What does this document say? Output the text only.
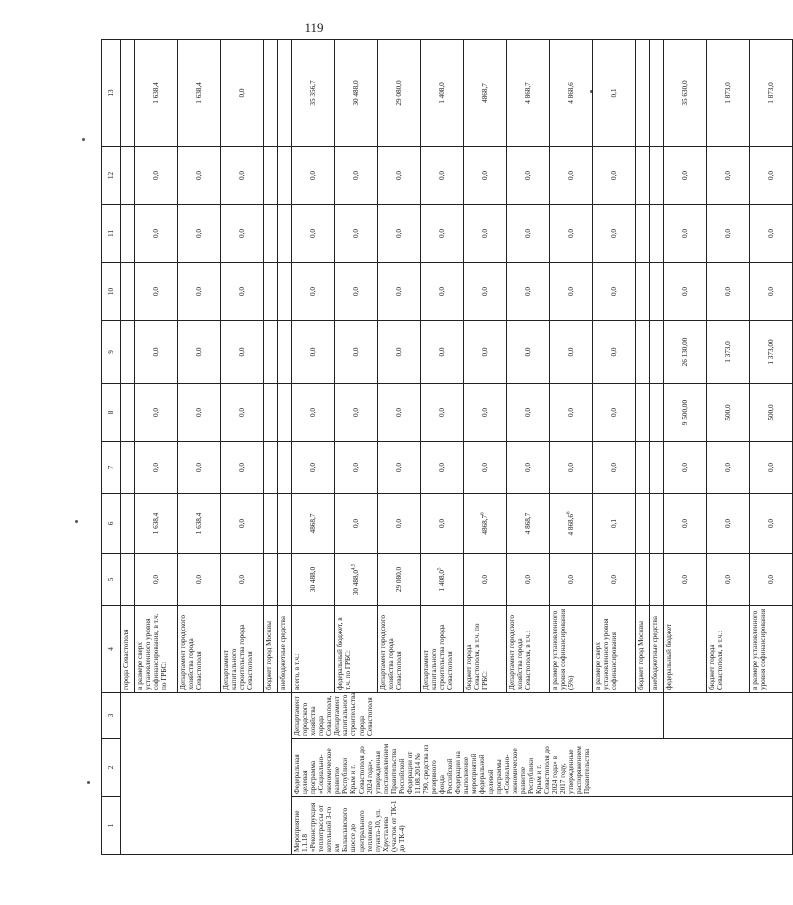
119
1	2	3	4	5	6	7	8	9	10	11	12	13
			города Севастополя									
			в размере сверх установленного уровня софинансирования, в т.ч. по ГРБС:	0,0	1 638,4	0,0	0,0	0,0	0,0	0,0	0,0	1 638,4
			Департамент городского хозяйства города Севастополя	0,0	1 638,4	0,0	0,0	0,0	0,0	0,0	0,0	1 638,4
			Департамент капитального строительства города Севастополя	0,0	0,0	0,0	0,0	0,0	0,0	0,0	0,0	0,0
			бюджет город Москвы									
			внебюджетные средства									
Мероприятие 1.1.18 «Реконструкция теплотрассы от котельной 3-го км Балаклавского шоссе до центрального теплового пункта-10, ул. Хрусталева (участок от ТК-1 до ТК-4)	Федеральная целевая программа «Социально-экономическое развитие Республики Крым и г. Севастополя до 2024 года», утвержденная постановлением Правительства Российской Федерации от 11.08.2014 № 790, средства из резервного фонда Российской Федерации на выполнение мероприятий федеральной целевой программы «Социально-экономическое развитие Республики Крым и г. Севастополя до 2024 года» в 2017 году, утвержденные распоряжением Правительства	Департамент городского хозяйства города Севастополя, Департамент капитального строительства города Севастополя	всего, в т.ч.:	30 488,0	4868,7	0,0	0,0	0,0	0,0	0,0	0,0	35 356,7
			федеральный бюджет, в т.ч. по ГРБС:	30 488,0$^{4,5}$	0,0	0,0	0,0	0,0	0,0	0,0	0,0	30 488,0
			Департамент городского хозяйства города Севастополя	29 080,0	0,0	0,0	0,0	0,0	0,0	0,0	0,0	29 080,0
			Департамент капитального строительства города Севастополя	1 408,0$^5$	0,0	0,0	0,0	0,0	0,0	0,0	0,0	1 408,0
			бюджет города Севастополя, в т.ч. по ГРБС:	0,0	4868,7$^6$	0,0	0,0	0,0	0,0	0,0	0,0	4868,7
			Департамент городского хозяйства города Севастополя, в т.ч.:	0,0	4 868,7	0,0	0,0	0,0	0,0	0,0	0,0	4 868,7
			в размере установленного уровня софинансирования (5%)	0,0	4 868,6$^6$	0,0	0,0	0,0	0,0	0,0	0,0	4 868,6
			в размере сверх установленного уровня софинансирования	0,0	0,1	0,0	0,0	0,0	0,0	0,0	0,0	0,1
			бюджет город Москвы									
			внебюджетные средства									
			федеральный бюджет	0,0	0,0	0,0	9 500,00	26 130,00	0,0	0,0	0,0	35 630,0
			бюджет города Севастополя, в т.ч.:	0,0	0,0	0,0	500,0	1 373,0	0,0	0,0	0,0	1 873,0
			в размере установленного уровня софинансирования	0,0	0,0	0,0	500,0	1 373,00	0,0	0,0	0,0	1 873,0
